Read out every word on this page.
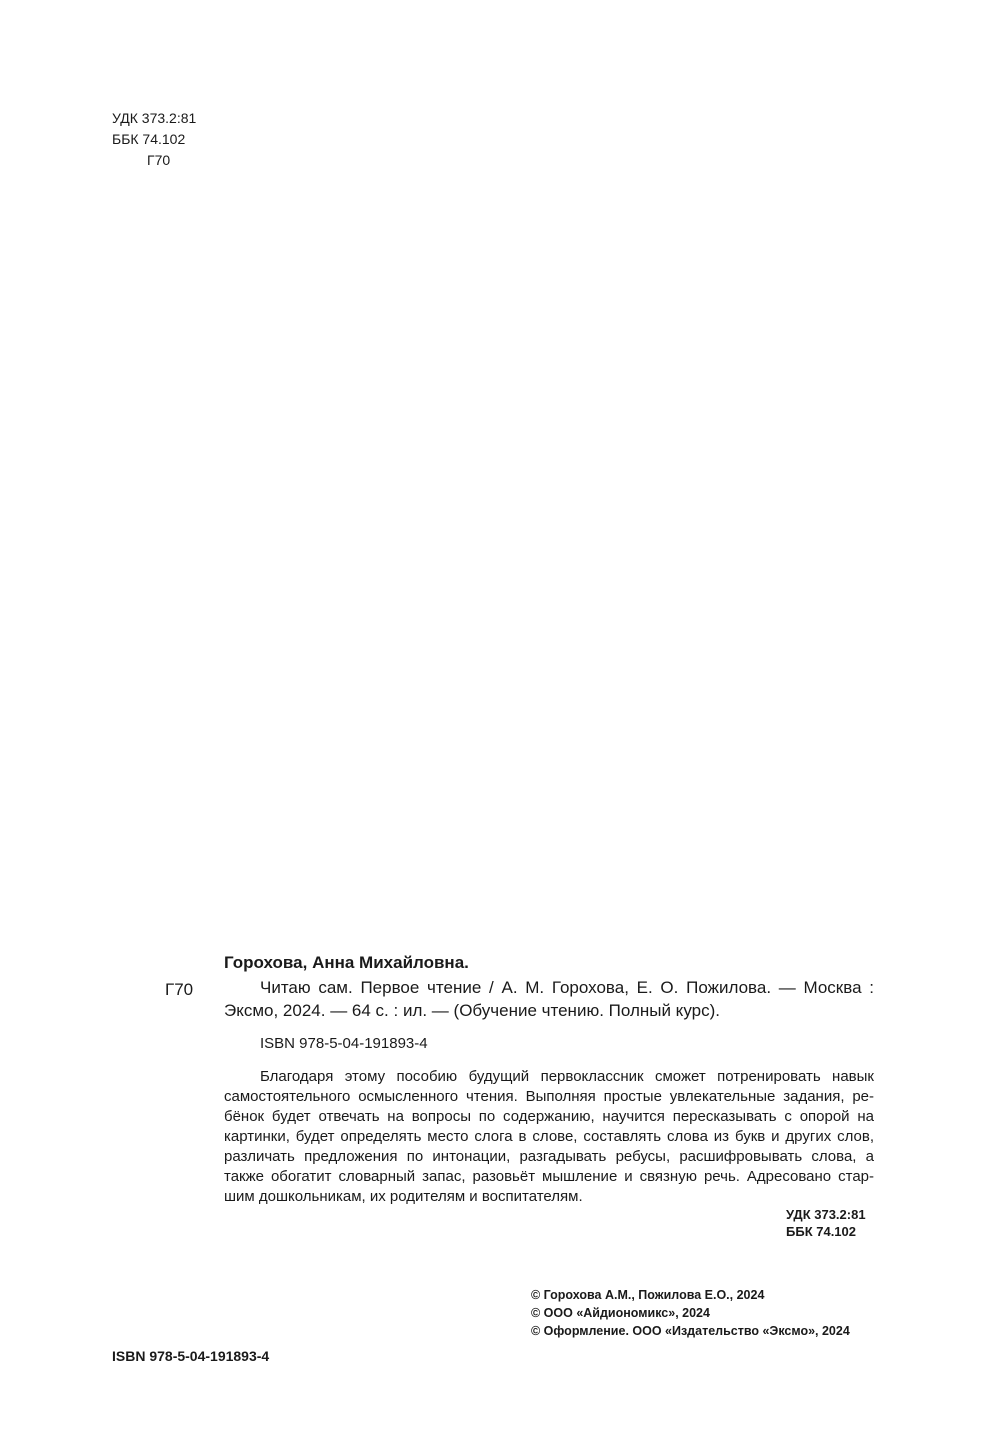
УДК 373.2:81
ББК 74.102
Г70
Г70

Горохова, Анна Михайловна.

Читаю сам. Первое чтение / А. М. Горохова, Е. О. Пожилова. — Москва : Эксмо, 2024. — 64 с. : ил. — (Обучение чтению. Полный курс).

ISBN 978-5-04-191893-4

Благодаря этому пособию будущий первоклассник сможет потренировать навык самостоятельного осмысленного чтения. Выполняя простые увлекательные задания, ре-бёнок будет отвечать на вопросы по содержанию, научится пересказывать с опорой на картинки, будет определять место слога в слове, составлять слова из букв и других слов, различать предложения по интонации, разгадывать ребусы, расшифровывать слова, а также обогатит словарный запас, разовьёт мышление и связную речь. Адресовано стар-шим дошкольникам, их родителям и воспитателям.

УДК 373.2:81
ББК 74.102
ISBN 978-5-04-191893-4
© Горохова А.М., Пожилова Е.О., 2024
© ООО «Айдиономикс», 2024
© Оформление. ООО «Издательство «Эксмо», 2024
